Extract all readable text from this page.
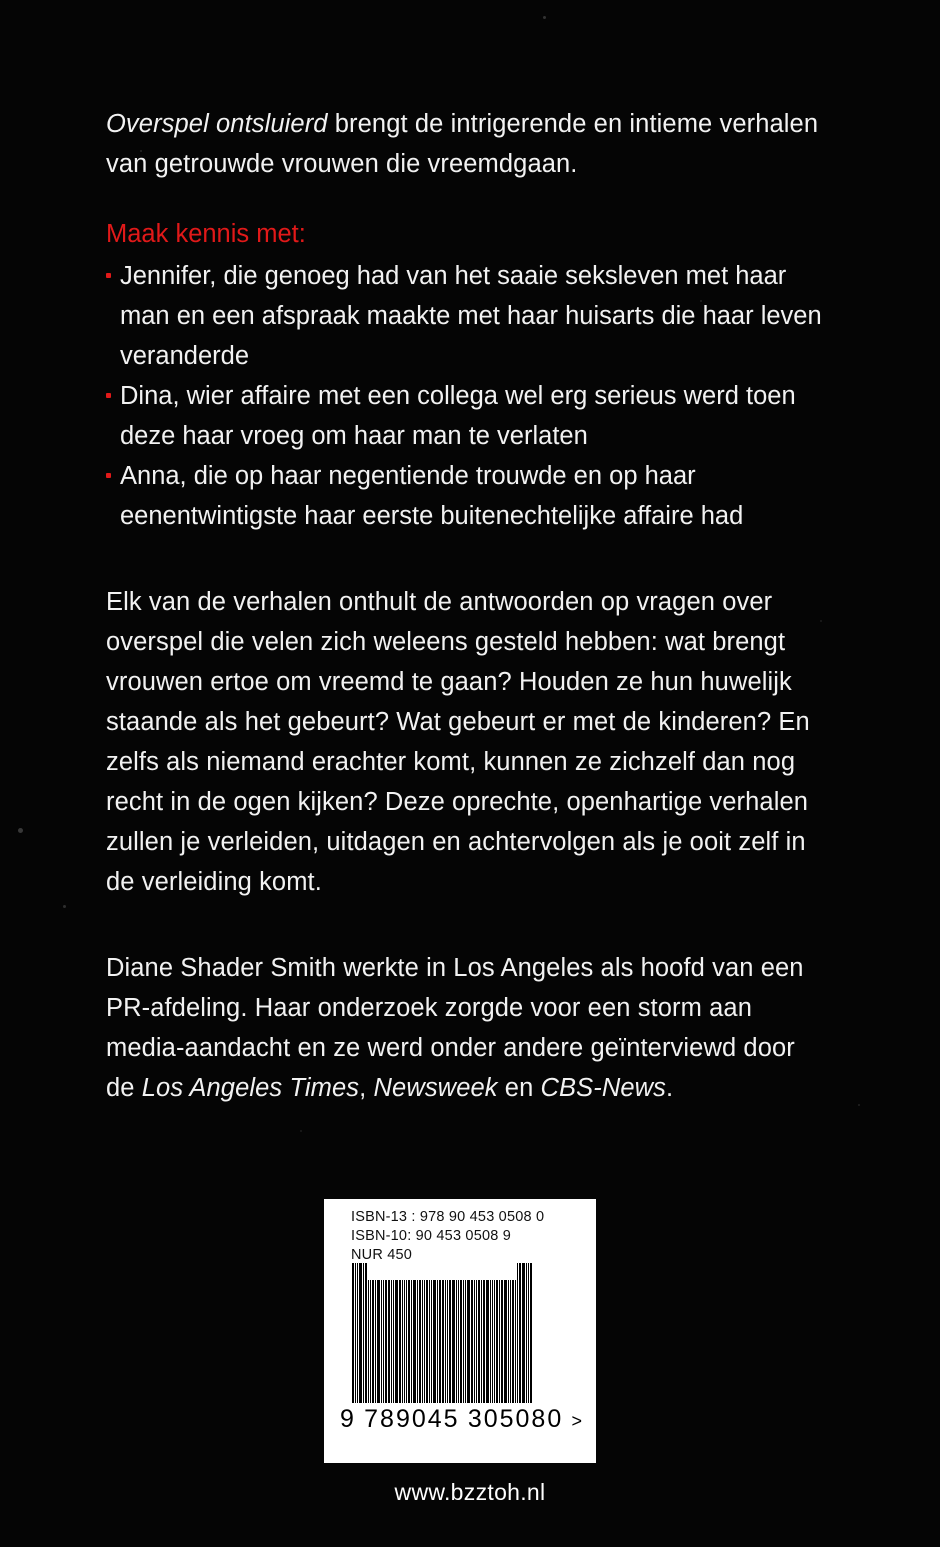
Overspel ontsluierd brengt de intrigerende en intieme verhalen van getrouwde vrouwen die vreemdgaan.

Maak kennis met:

Jennifer, die genoeg had van het saaie seksleven met haar man en een afspraak maakte met haar huisarts die haar leven veranderde
Dina, wier affaire met een collega wel erg serieus werd toen deze haar vroeg om haar man te verlaten
Anna, die op haar negentiende trouwde en op haar eenentwintigste haar eerste buitenechtelijke affaire had

Elk van de verhalen onthult de antwoorden op vragen over overspel die velen zich weleens gesteld hebben: wat brengt vrouwen ertoe om vreemd te gaan? Houden ze hun huwelijk staande als het gebeurt? Wat gebeurt er met de kinderen? En zelfs als niemand erachter komt, kunnen ze zichzelf dan nog recht in de ogen kijken? Deze oprechte, openhartige verhalen zullen je verleiden, uitdagen en achtervolgen als je ooit zelf in de verleiding komt.

Diane Shader Smith werkte in Los Angeles als hoofd van een PR-afdeling. Haar onderzoek zorgde voor een storm aan media-aandacht en ze werd onder andere geïnterviewd door de Los Angeles Times, Newsweek en CBS-News.

ISBN-13 : 978 90 453 0508 0
ISBN-10: 90 453 0508 9
NUR 450
9 789045 305080 >
www.bzztoh.nl
